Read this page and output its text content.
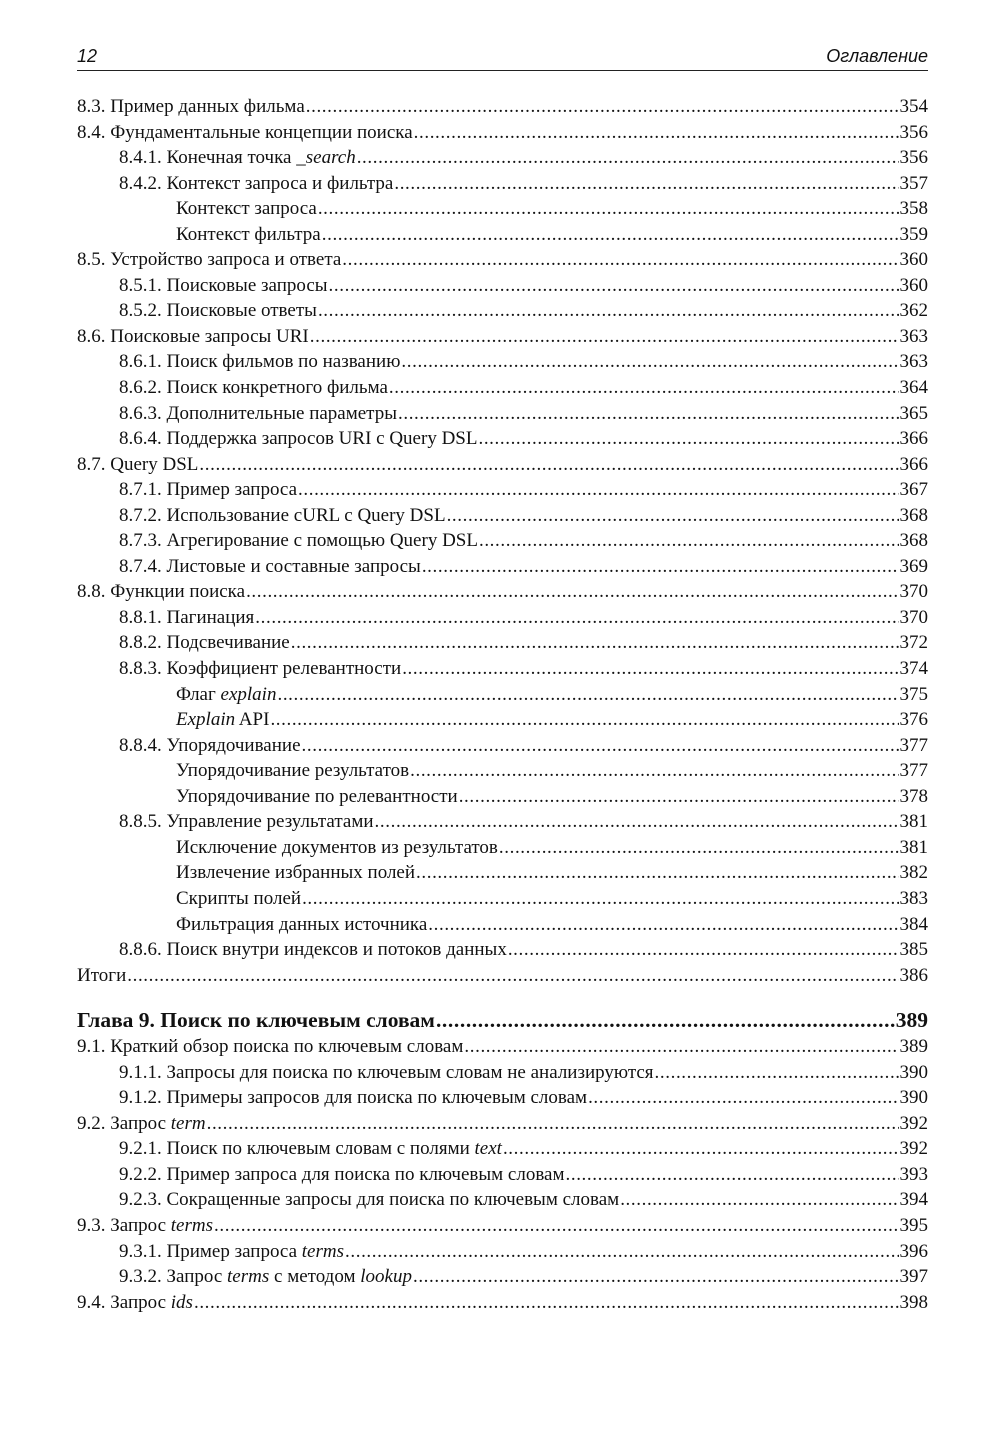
12	Оглавление
8.3. Пример данных фильма .....	354
8.4. Фундаментальные концепции поиска .....	356
8.4.1. Конечная точка _search .....	356
8.4.2. Контекст запроса и фильтра .....	357
Контекст запроса .....	358
Контекст фильтра .....	359
8.5. Устройство запроса и ответа .....	360
8.5.1. Поисковые запросы .....	360
8.5.2. Поисковые ответы .....	362
8.6. Поисковые запросы URI .....	363
8.6.1. Поиск фильмов по названию .....	363
8.6.2. Поиск конкретного фильма .....	364
8.6.3. Дополнительные параметры .....	365
8.6.4. Поддержка запросов URI с Query DSL .....	366
8.7. Query DSL .....	366
8.7.1. Пример запроса .....	367
8.7.2. Использование cURL с Query DSL .....	368
8.7.3. Агрегирование с помощью Query DSL .....	368
8.7.4. Листовые и составные запросы .....	369
8.8. Функции поиска .....	370
8.8.1. Пагинация .....	370
8.8.2. Подсвечивание .....	372
8.8.3. Коэффициент релевантности .....	374
Флаг explain .....	375
Explain API .....	376
8.8.4. Упорядочивание .....	377
Упорядочивание результатов .....	377
Упорядочивание по релевантности .....	378
8.8.5. Управление результатами .....	381
Исключение документов из результатов .....	381
Извлечение избранных полей .....	382
Скрипты полей .....	383
Фильтрация данных источника .....	384
8.8.6. Поиск внутри индексов и потоков данных .....	385
Итоги .....	386
Глава 9. Поиск по ключевым словам .....	389
9.1. Краткий обзор поиска по ключевым словам .....	389
9.1.1. Запросы для поиска по ключевым словам не анализируются .....	390
9.1.2. Примеры запросов для поиска по ключевым словам .....	390
9.2. Запрос term .....	392
9.2.1. Поиск по ключевым словам с полями text .....	392
9.2.2. Пример запроса для поиска по ключевым словам .....	393
9.2.3. Сокращенные запросы для поиска по ключевым словам .....	394
9.3. Запрос terms .....	395
9.3.1. Пример запроса terms .....	396
9.3.2. Запрос terms с методом lookup .....	397
9.4. Запрос ids .....	398
